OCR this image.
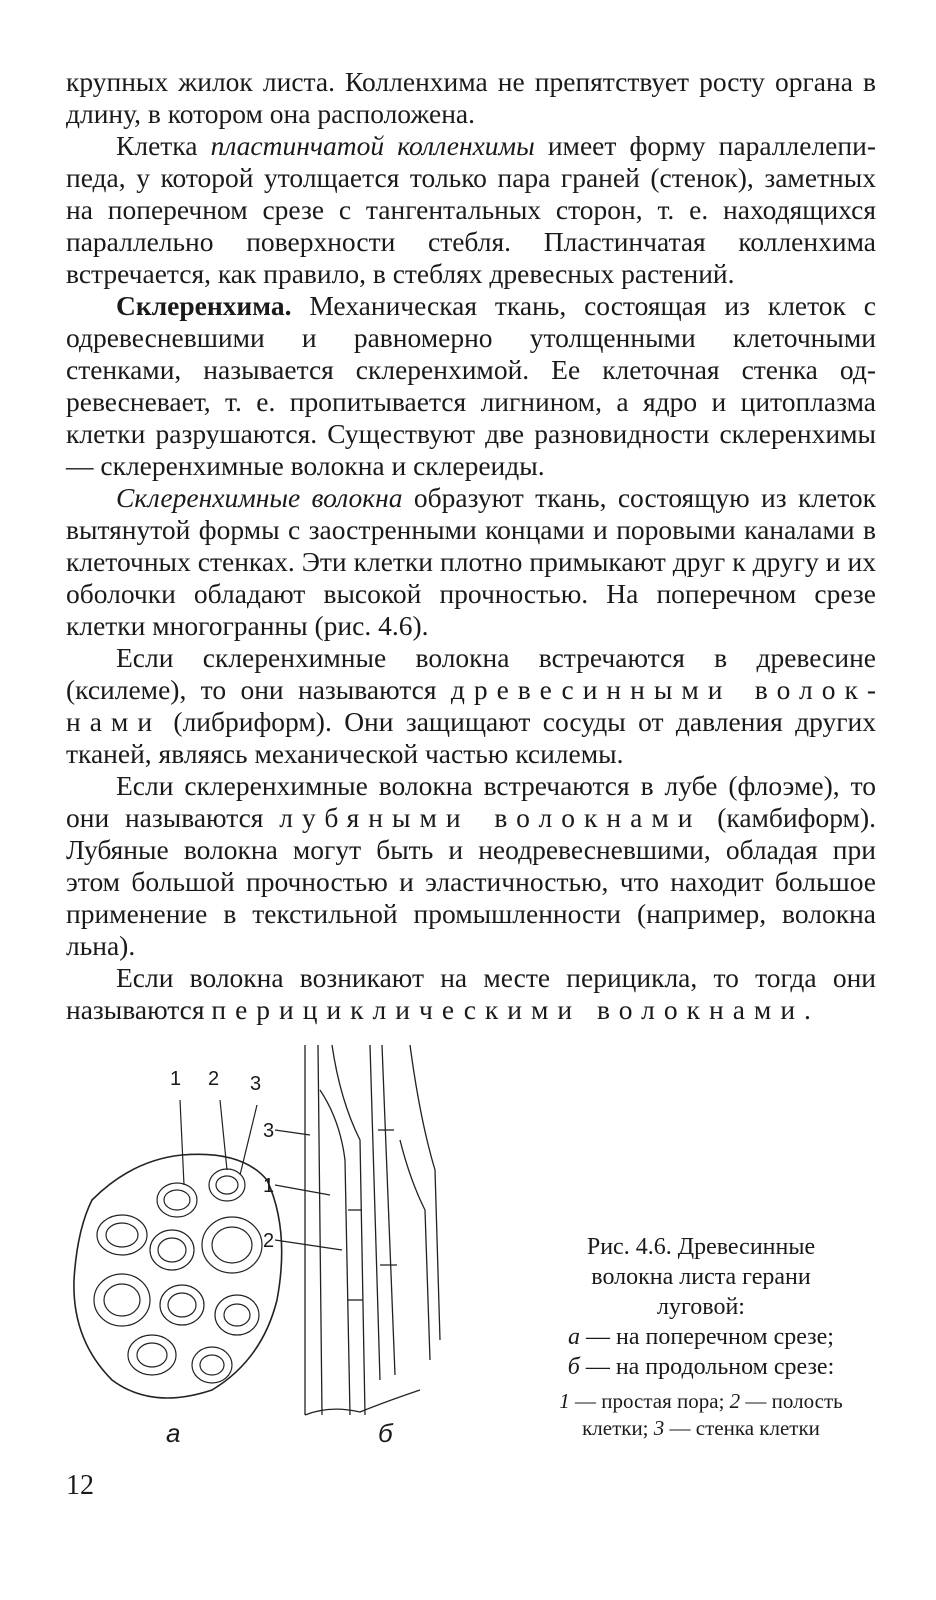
крупных жилок листа. Колленхима не препятствует росту органа в длину, в котором она расположена.

Клетка пластинчатой колленхимы имеет форму параллелепипеда, у которой утолщается только пара граней (стенок), заметных на поперечном срезе с тангентальных сторон, т. е. находящихся параллельно поверхности стебля. Пластинчатая колленхима встречается, как правило, в стеблях древесных растений.

Склеренхима. Механическая ткань, состоящая из клеток с одревесневшими и равномерно утолщенными клеточными стенками, называется склеренхимой. Ее клеточная стенка одревесневает, т. е. пропитывается лигнином, а ядро и цитоплазма клетки разрушаются. Существуют две разновидности склеренхимы — склеренхимные волокна и склереиды.

Склеренхимные волокна образуют ткань, состоящую из клеток вытянутой формы с заостренными концами и поровыми каналами в клеточных стенках. Эти клетки плотно примыкают друг к другу и их оболочки обладают высокой прочностью. На поперечном срезе клетки многогранны (рис. 4.6).

Если склеренхимные волокна встречаются в древесине (ксилеме), то они называются древесинными волокнами (либриформ). Они защищают сосуды от давления других тканей, являясь механической частью ксилемы.

Если склеренхимные волокна встречаются в лубе (флоэме), то они называются лубяными волокнами (камбиформ). Лубяные волокна могут быть и неодревесневшими, обладая при этом большой прочностью и эластичностью, что находит большое применение в текстильной промышленности (например, волокна льна).

Если волокна возникают на месте перицикла, то тогда они называются перициклическими волокнами.

1 2 3
3
1
2
а	б
Рис. 4.6. Древесинные
волокна листа герани
луговой:
а — на поперечном срезе;
б — на продольном срезе:
1 — простая пора; 2 — полость
клетки; 3 — стенка клетки
12
